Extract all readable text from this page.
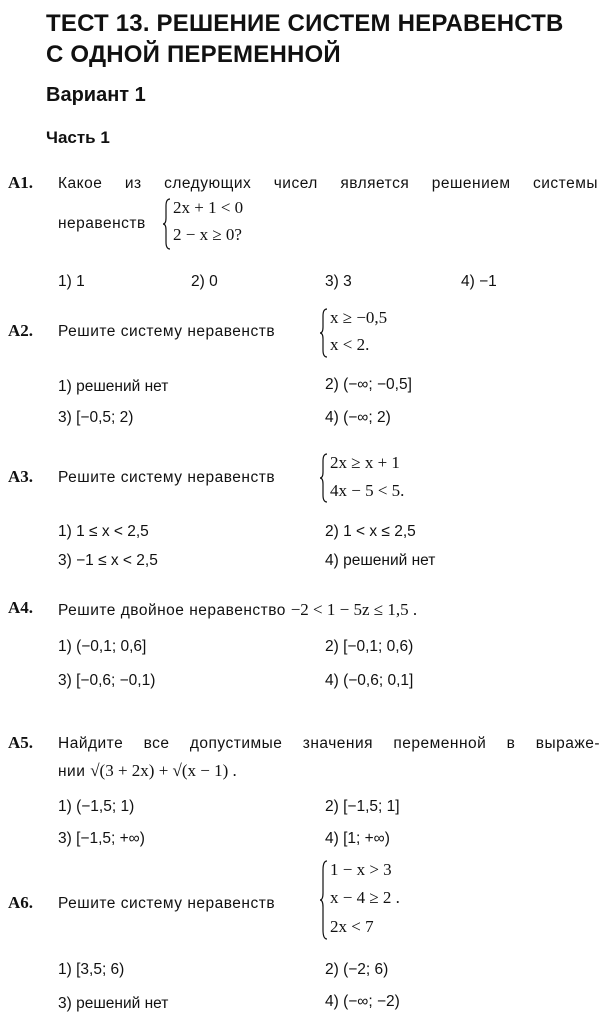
ТЕСТ 13. РЕШЕНИЕ СИСТЕМ НЕРАВЕНСТВ
С ОДНОЙ ПЕРЕМЕННОЙ
Вариант 1
Часть 1
А1. Какое из следующих чисел является решением системы
неравенств
2x + 1 < 0
2 − x ≥ 0?
1) 1	2) 0	3) 3	4) −1
А2. Решите систему неравенств
x ≥ −0,5
x < 2.
1) решений нет	2) (−∞; −0,5]
3) [−0,5; 2)	4) (−∞; 2)
А3. Решите систему неравенств
2x ≥ x + 1
4x − 5 < 5.
1) 1 ≤ x < 2,5	2) 1 < x ≤ 2,5
3) −1 ≤ x < 2,5	4) решений нет
А4. Решите двойное неравенство −2 < 1 − 5z ≤ 1,5 .
1) (−0,1; 0,6]	2) [−0,1; 0,6)
3) [−0,6; −0,1)	4) (−0,6; 0,1]
А5. Найдите все допустимые значения переменной в выраже-
нии √(3 + 2x) + √(x − 1) .
1) (−1,5; 1)	2) [−1,5; 1]
3) [−1,5; +∞)	4) [1; +∞)
А6. Решите систему неравенств
1 − x > 3
x − 4 ≥ 2 .
2x < 7
1) [3,5; 6)	2) (−2; 6)
3) решений нет	4) (−∞; −2)
